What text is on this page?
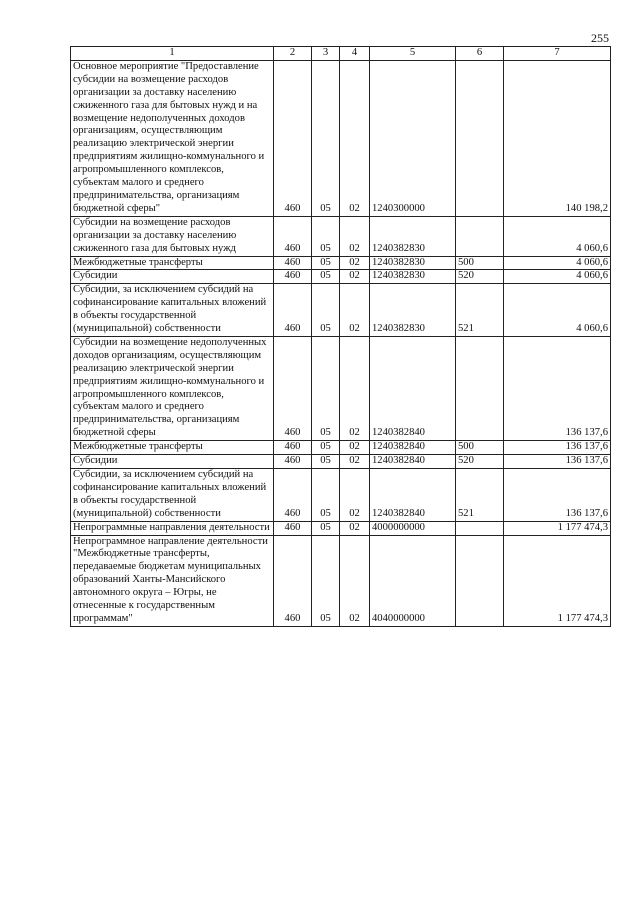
255
1	2	3	4	5	6	7
Основное мероприятие "Предоставление субсидии на возмещение расходов организации за доставку населению сжиженного газа для бытовых нужд и на возмещение недополученных доходов организациям, осуществляющим реализацию электрической энергии предприятиям жилищно-коммунального и агропромышленного комплексов, субъектам малого и среднего предпринимательства, организациям бюджетной сферы"	460	05	02	1240300000		140 198,2
Субсидии на возмещение расходов организации за доставку населению сжиженного газа для бытовых нужд	460	05	02	1240382830		4 060,6
Межбюджетные трансферты	460	05	02	1240382830	500	4 060,6
Субсидии	460	05	02	1240382830	520	4 060,6
Субсидии, за исключением субсидий на софинансирование капитальных вложений в объекты государственной (муниципальной) собственности	460	05	02	1240382830	521	4 060,6
Субсидии на возмещение недополученных доходов организациям, осуществляющим реализацию электрической энергии предприятиям жилищно-коммунального и агропромышленного комплексов, субъектам малого и среднего предпринимательства, организациям бюджетной сферы	460	05	02	1240382840		136 137,6
Межбюджетные трансферты	460	05	02	1240382840	500	136 137,6
Субсидии	460	05	02	1240382840	520	136 137,6
Субсидии, за исключением субсидий на софинансирование капитальных вложений в объекты государственной (муниципальной) собственности	460	05	02	1240382840	521	136 137,6
Непрограммные направления деятельности	460	05	02	4000000000		1 177 474,3
Непрограммное направление деятельности "Межбюджетные трансферты, передаваемые бюджетам муниципальных образований Ханты-Мансийского автономного округа – Югры, не отнесенные к государственным программам"	460	05	02	4040000000		1 177 474,3
